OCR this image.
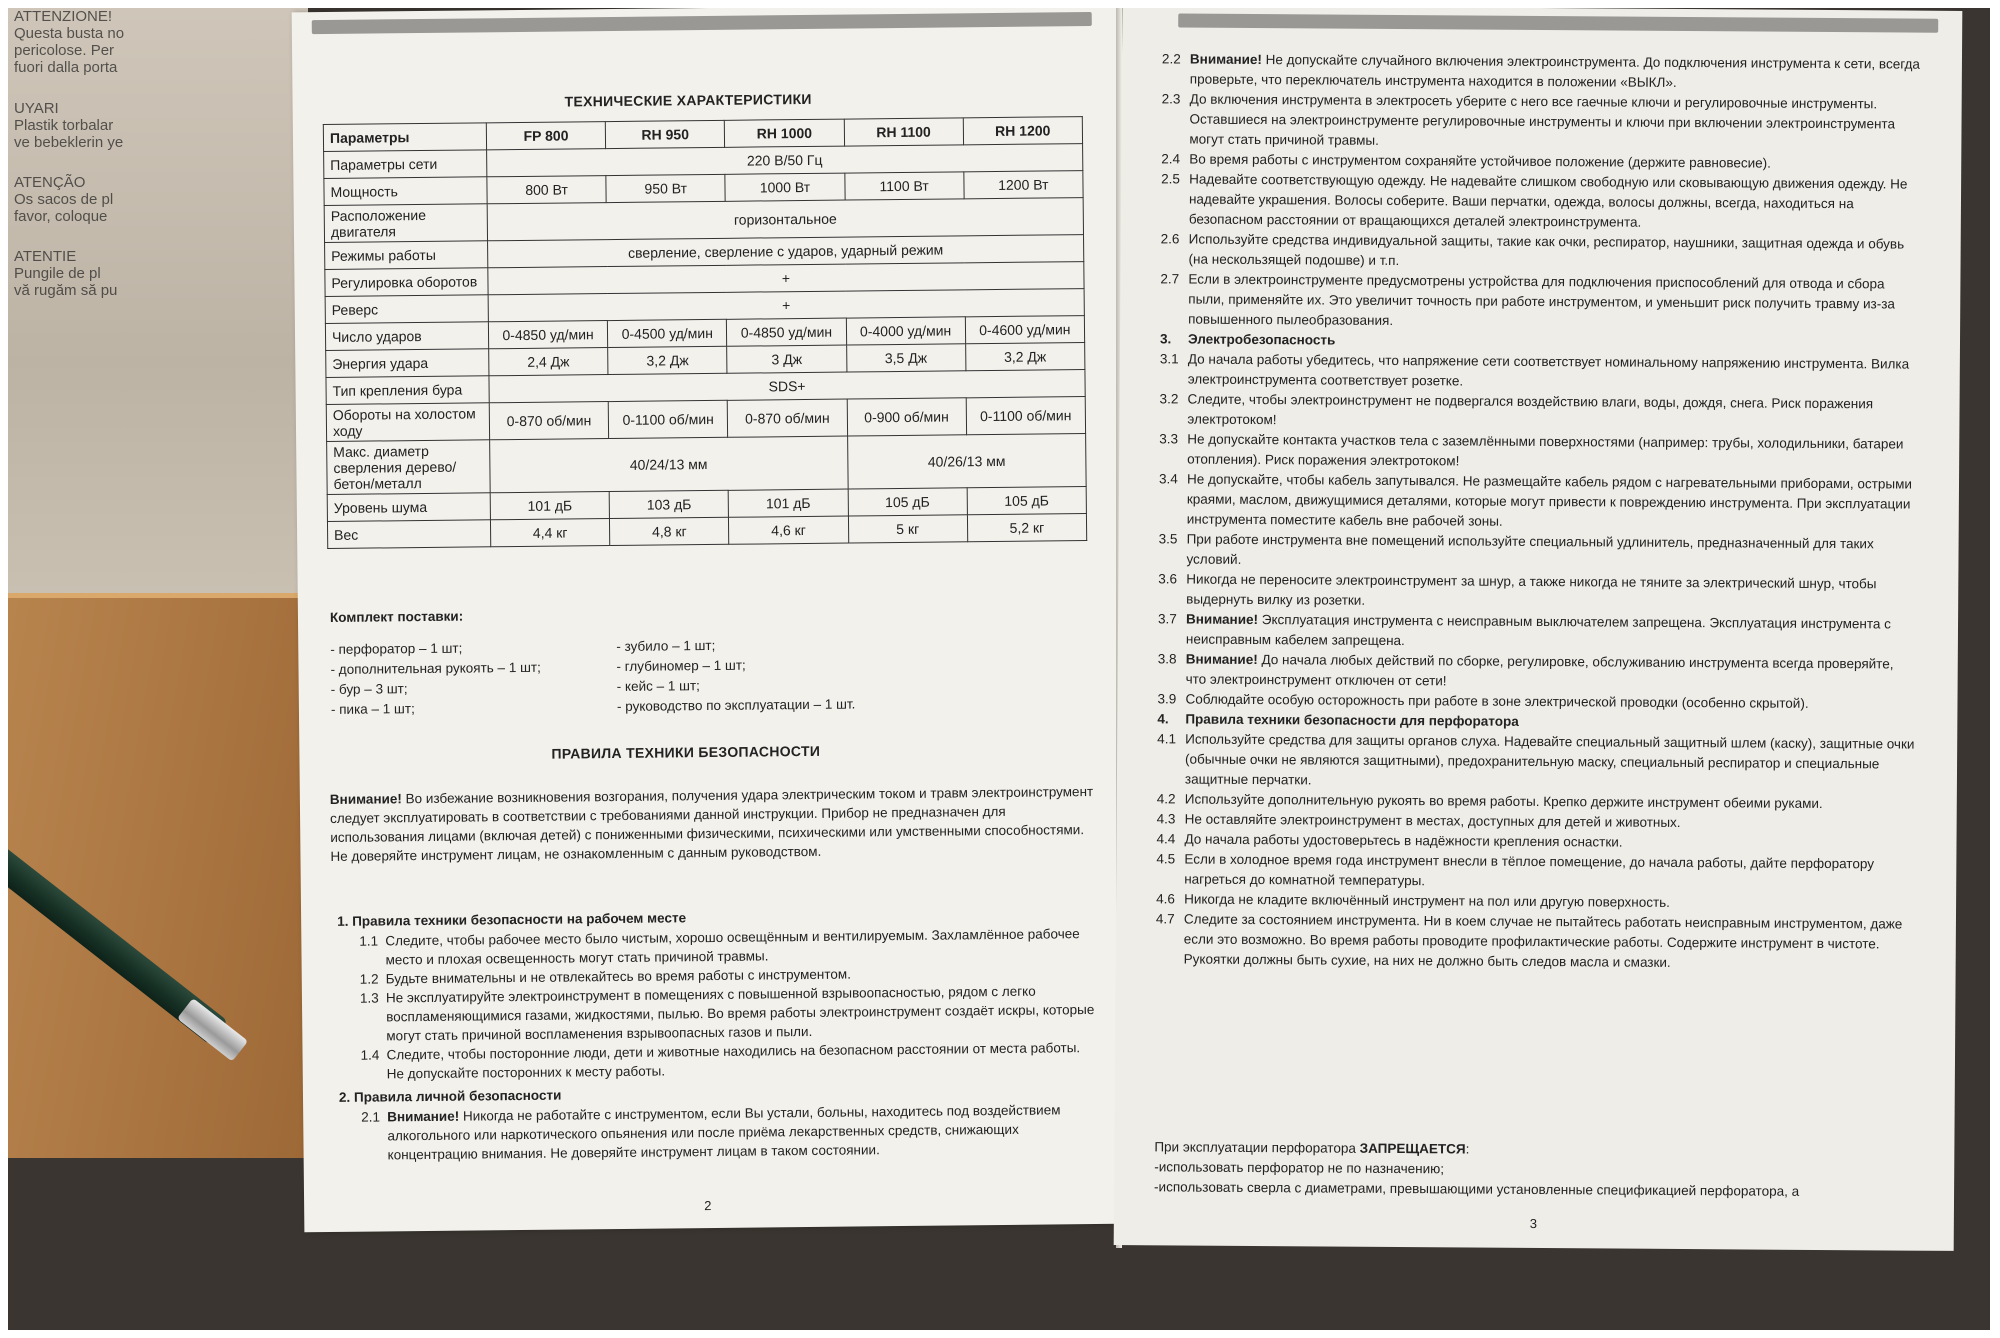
ATTENZIONE!
Questa busta no
pericolose. Per
fuori dalla porta
UYARI
Plastik torbalar
ve bebeklerin ye
ATENÇÃO
Os sacos de pl
favor, coloque
ATENTIE
Pungile de pl
vă rugăm să pu
ТЕХНИЧЕСКИЕ ХАРАКТЕРИСТИКИ
Параметры	FP 800	RH 950	RH 1000	RH 1100	RH 1200
Параметры сети	220 В/50 Гц				
Мощность	800 Вт	950 Вт	1000 Вт	1100 Вт	1200 Вт
Расположение двигателя	горизонтальное				
Режимы работы	сверление, сверление с ударов, ударный режим				
Регулировка оборотов	+				
Реверс	+				
Число ударов	0-4850 уд/мин	0-4500 уд/мин	0-4850 уд/мин	0-4000 уд/мин	0-4600 уд/мин
Энергия удара	2,4 Дж	3,2 Дж	3 Дж	3,5 Дж	3,2 Дж
Тип крепления бура	SDS+				
Обороты на холостом ходу	0-870 об/мин	0-1100 об/мин	0-870 об/мин	0-900 об/мин	0-1100 об/мин
Макс. диаметр сверления дерево/бетон/металл	40/24/13 мм			40/26/13 мм	
Уровень шума	101 дБ	103 дБ	101 дБ	105 дБ	105 дБ
Вес	4,4 кг	4,8 кг	4,6 кг	5 кг	5,2 кг
Комплект поставки:
- перфоратор – 1 шт;
- дополнительная рукоять – 1 шт;
- бур – 3 шт;
- пика – 1 шт;
- зубило – 1 шт;
- глубиномер – 1 шт;
- кейс – 1 шт;
- руководство по эксплуатации – 1 шт.
ПРАВИЛА ТЕХНИКИ БЕЗОПАСНОСТИ
Внимание! Во избежание возникновения возгорания, получения удара электрическим током и травм электроинструмент следует эксплуатировать в соответствии с требованиями данной инструкции. Прибор не предназначен для использования лицами (включая детей) с пониженными физическими, психическими или умственными способностями. Не доверяйте инструмент лицам, не ознакомленным с данным руководством.
1. Правила техники безопасности на рабочем месте
1.1 Следите, чтобы рабочее место было чистым, хорошо освещённым и вентилируемым. Захламлённое рабочее место и плохая освещенность могут стать причиной травмы.
1.2 Будьте внимательны и не отвлекайтесь во время работы с инструментом.
1.3 Не эксплуатируйте электроинструмент в помещениях с повышенной взрывоопасностью, рядом с легко воспламеняющимися газами, жидкостями, пылью. Во время работы электроинструмент создаёт искры, которые могут стать причиной воспламенения взрывоопасных газов и пыли.
1.4 Следите, чтобы посторонние люди, дети и животные находились на безопасном расстоянии от места работы. Не допускайте посторонних к месту работы.
2. Правила личной безопасности
2.1 Внимание! Никогда не работайте с инструментом, если Вы устали, больны, находитесь под воздействием алкогольного или наркотического опьянения или после приёма лекарственных средств, снижающих концентрацию внимания. Не доверяйте инструмент лицам в таком состоянии.
2
2.2 Внимание! Не допускайте случайного включения электроинструмента. До подключения инструмента к сети, всегда проверьте, что переключатель инструмента находится в положении «ВЫКЛ».
2.3 До включения инструмента в электросеть уберите с него все гаечные ключи и регулировочные инструменты. Оставшиеся на электроинструменте регулировочные инструменты и ключи при включении электроинструмента могут стать причиной травмы.
2.4 Во время работы с инструментом сохраняйте устойчивое положение (держите равновесие).
2.5 Надевайте соответствующую одежду. Не надевайте слишком свободную или сковывающую движения одежду. Не надевайте украшения. Волосы соберите. Ваши перчатки, одежда, волосы должны, всегда, находиться на безопасном расстоянии от вращающихся деталей электроинструмента.
2.6 Используйте средства индивидуальной защиты, такие как очки, респиратор, наушники, защитная одежда и обувь (на нескользящей подошве) и т.п.
2.7 Если в электроинструменте предусмотрены устройства для подключения приспособлений для отвода и сбора пыли, применяйте их. Это увеличит точность при работе инструментом, и уменьшит риск получить травму из-за повышенного пылеобразования.
3.	Электробезопасность
3.1 До начала работы убедитесь, что напряжение сети соответствует номинальному напряжению инструмента. Вилка электроинструмента соответствует розетке.
3.2 Следите, чтобы электроинструмент не подвергался воздействию влаги, воды, дождя, снега. Риск поражения электротоком!
3.3 Не допускайте контакта участков тела с заземлёнными поверхностями (например: трубы, холодильники, батареи отопления). Риск поражения электротоком!
3.4 Не допускайте, чтобы кабель запутывался. Не размещайте кабель рядом с нагревательными приборами, острыми краями, маслом, движущимися деталями, которые могут привести к повреждению инструмента. При эксплуатации инструмента поместите кабель вне рабочей зоны.
3.5 При работе инструмента вне помещений используйте специальный удлинитель, предназначенный для таких условий.
3.6 Никогда не переносите электроинструмент за шнур, а также никогда не тяните за электрический шнур, чтобы выдернуть вилку из розетки.
3.7 Внимание! Эксплуатация инструмента с неисправным выключателем запрещена. Эксплуатация инструмента с неисправным кабелем запрещена.
3.8 Внимание! До начала любых действий по сборке, регулировке, обслуживанию инструмента всегда проверяйте, что электроинструмент отключен от сети!
3.9 Соблюдайте особую осторожность при работе в зоне электрической проводки (особенно скрытой).
4.	Правила техники безопасности для перфоратора
4.1 Используйте средства для защиты органов слуха. Надевайте специальный защитный шлем (каску), защитные очки (обычные очки не являются защитными), предохранительную маску, специальный респиратор и специальные защитные перчатки.
4.2 Используйте дополнительную рукоять во время работы. Крепко держите инструмент обеими руками.
4.3 Не оставляйте электроинструмент в местах, доступных для детей и животных.
4.4 До начала работы удостоверьтесь в надёжности крепления оснастки.
4.5 Если в холодное время года инструмент внесли в тёплое помещение, до начала работы, дайте перфоратору нагреться до комнатной температуры.
4.6 Никогда не кладите включённый инструмент на пол или другую поверхность.
4.7 Следите за состоянием инструмента. Ни в коем случае не пытайтесь работать неисправным инструментом, даже если это возможно. Во время работы проводите профилактические работы. Содержите инструмент в чистоте. Рукоятки должны быть сухие, на них не должно быть следов масла и смазки.
При эксплуатации перфоратора ЗАПРЕЩАЕТСЯ:
-использовать перфоратор не по назначению;
-использовать сверла с диаметрами, превышающими установленные спецификацией перфоратора, а
3
